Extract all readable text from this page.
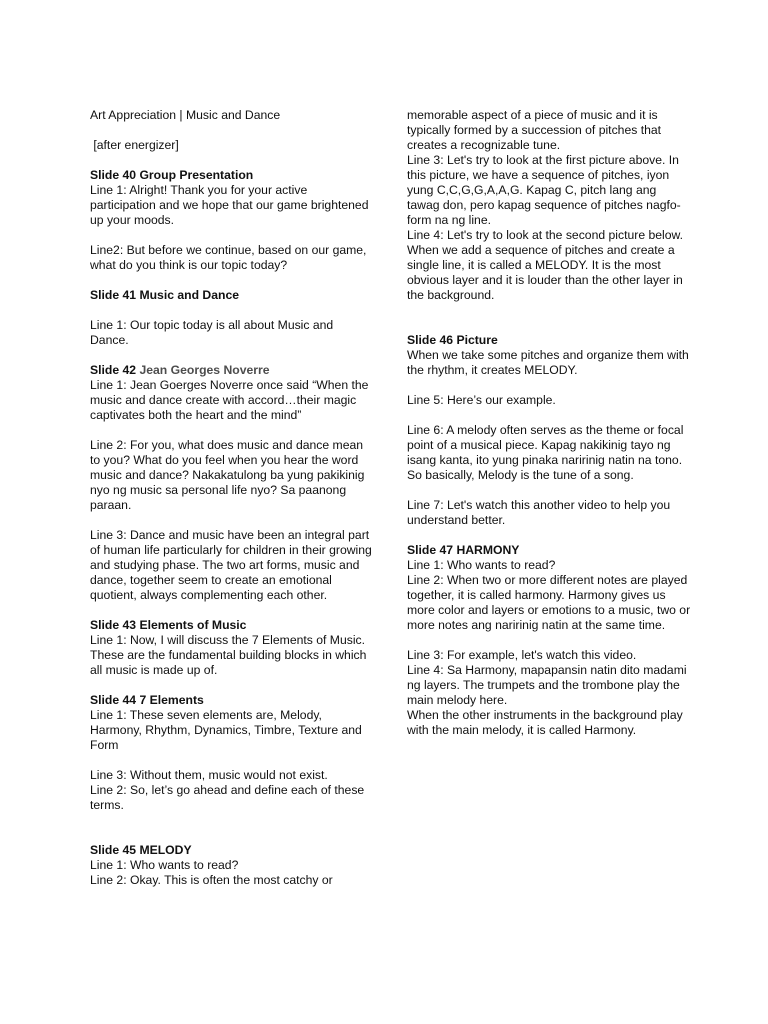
Art Appreciation | Music and Dance
[after energizer]
Slide 40 Group Presentation
Line 1: Alright! Thank you for your active participation and we hope that our game brightened up your moods.
Line2: But before we continue, based on our game, what do you think is our topic today?
Slide 41 Music and Dance
Line 1: Our topic today is all about Music and Dance.
Slide 42 Jean Georges Noverre
Line 1: Jean Goerges Noverre once said “When the music and dance create with accord…their magic captivates both the heart and the mind”
Line 2: For you, what does music and dance mean to you? What do you feel when you hear the word music and dance? Nakakatulong ba yung pakikinig nyo ng music sa personal life nyo? Sa paanong paraan.
Line 3: Dance and music have been an integral part of human life particularly for children in their growing and studying phase. The two art forms, music and dance, together seem to create an emotional quotient, always complementing each other.
Slide 43 Elements of Music
Line 1: Now, I will discuss the 7 Elements of Music. These are the fundamental building blocks in which all music is made up of.
Slide 44 7 Elements
Line 1: These seven elements are, Melody, Harmony, Rhythm, Dynamics, Timbre, Texture and Form
Line 3: Without them, music would not exist.
Line 2: So, let’s go ahead and define each of these terms.
Slide 45 MELODY
Line 1: Who wants to read?
Line 2: Okay. This is often the most catchy or
memorable aspect of a piece of music and it is typically formed by a succession of pitches that creates a recognizable tune.
Line 3: Let's try to look at the first picture above. In this picture, we have a sequence of pitches, iyon yung C,C,G,G,A,A,G. Kapag C, pitch lang ang tawag don, pero kapag sequence of pitches nagfo-form na ng line.
Line 4: Let's try to look at the second picture below. When we add a sequence of pitches and create a single line, it is called a MELODY. It is the most obvious layer and it is louder than the other layer in the background.
Slide 46 Picture
When we take some pitches and organize them with the rhythm, it creates MELODY.
Line 5: Here’s our example.
Line 6: A melody often serves as the theme or focal point of a musical piece. Kapag nakikinig tayo ng isang kanta, ito yung pinaka naririnig natin na tono. So basically, Melody is the tune of a song.
Line 7: Let's watch this another video to help you understand better.
Slide 47 HARMONY
Line 1: Who wants to read?
Line 2: When two or more different notes are played together, it is called harmony. Harmony gives us more color and layers or emotions to a music, two or more notes ang naririnig natin at the same time.
Line 3: For example, let's watch this video.
Line 4: Sa Harmony, mapapansin natin dito madami ng layers. The trumpets and the trombone play the main melody here.
When the other instruments in the background play with the main melody, it is called Harmony.
